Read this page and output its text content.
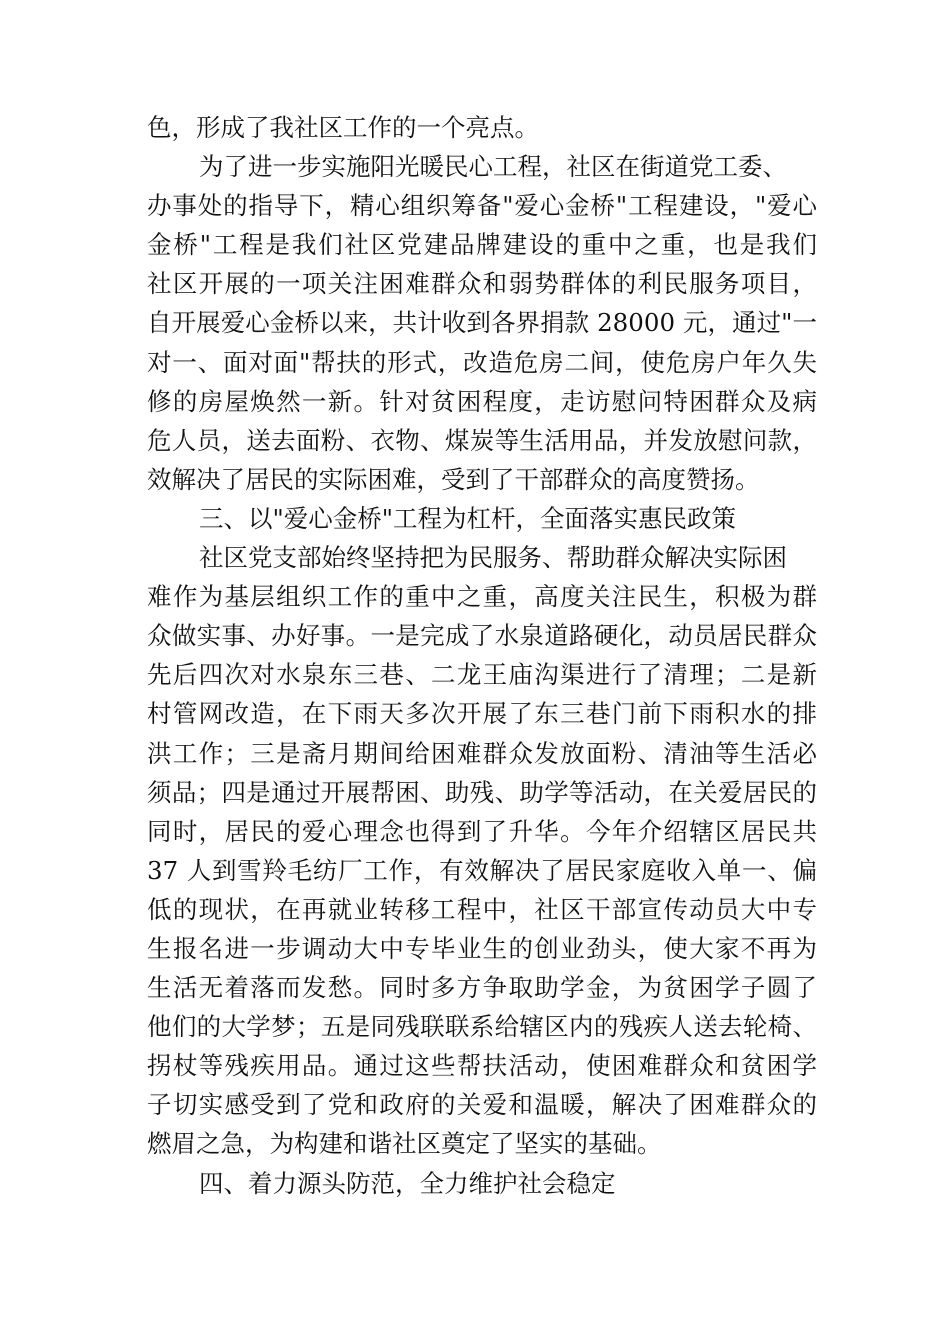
色，形成了我社区工作的一个亮点。
为了进一步实施阳光暖民心工程，社区在街道党工委、
办事处的指导下，精心组织筹备"爱心金桥"工程建设，"爱心
金桥"工程是我们社区党建品牌建设的重中之重，也是我们
社区开展的一项关注困难群众和弱势群体的利民服务项目，
自开展爱心金桥以来，共计收到各界捐款 28000 元，通过"一
对一、面对面"帮扶的形式，改造危房二间，使危房户年久失
修的房屋焕然一新。针对贫困程度，走访慰问特困群众及病
危人员，送去面粉、衣物、煤炭等生活用品，并发放慰问款，
效解决了居民的实际困难，受到了干部群众的高度赞扬。
三、以"爱心金桥"工程为杠杆，全面落实惠民政策
社区党支部始终坚持把为民服务、帮助群众解决实际困
难作为基层组织工作的重中之重，高度关注民生，积极为群
众做实事、办好事。一是完成了水泉道路硬化，动员居民群众
先后四次对水泉东三巷、二龙王庙沟渠进行了清理；二是新
村管网改造，在下雨天多次开展了东三巷门前下雨积水的排
洪工作；三是斋月期间给困难群众发放面粉、清油等生活必
须品；四是通过开展帮困、助残、助学等活动，在关爱居民的
同时，居民的爱心理念也得到了升华。今年介绍辖区居民共
37 人到雪羚毛纺厂工作，有效解决了居民家庭收入单一、偏
低的现状，在再就业转移工程中，社区干部宣传动员大中专
生报名进一步调动大中专毕业生的创业劲头，使大家不再为
生活无着落而发愁。同时多方争取助学金，为贫困学子圆了
他们的大学梦；五是同残联联系给辖区内的残疾人送去轮椅、
拐杖等残疾用品。通过这些帮扶活动，使困难群众和贫困学
子切实感受到了党和政府的关爱和温暖，解决了困难群众的
燃眉之急，为构建和谐社区奠定了坚实的基础。
四、着力源头防范，全力维护社会稳定
